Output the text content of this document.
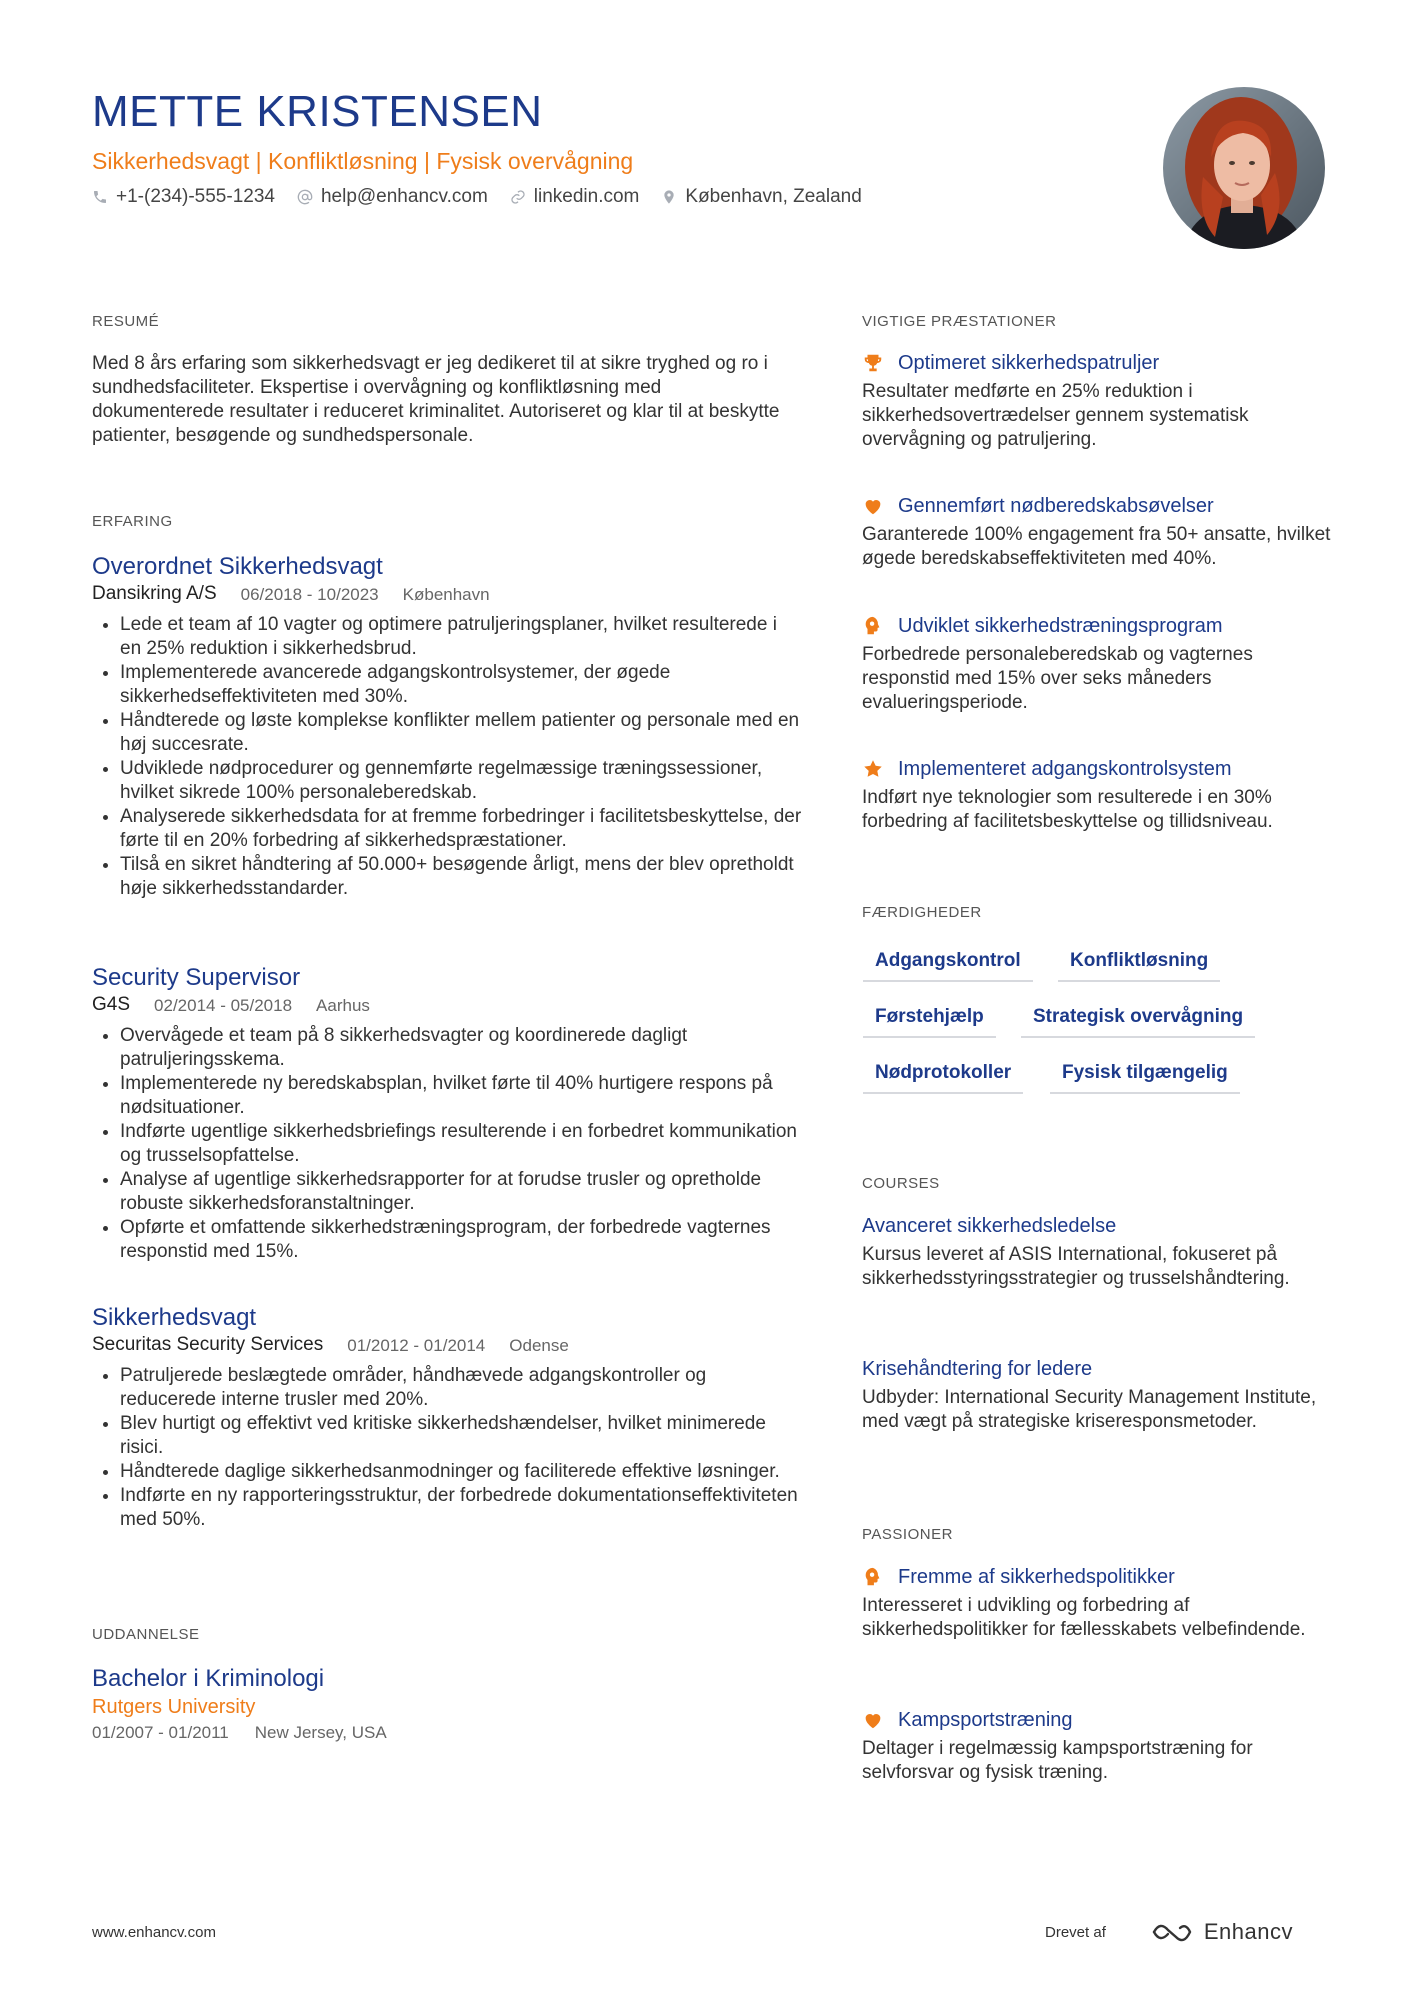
METTE KRISTENSEN
Sikkerhedsvagt | Konfliktløsning | Fysisk overvågning
+1-(234)-555-1234 help@enhancv.com linkedin.com København, Zealand
RESUMÉ
Med 8 års erfaring som sikkerhedsvagt er jeg dedikeret til at sikre tryghed og ro i sundhedsfaciliteter. Ekspertise i overvågning og konfliktløsning med dokumenterede resultater i reduceret kriminalitet. Autoriseret og klar til at beskytte patienter, besøgende og sundhedspersonale.
ERFARING
Overordnet Sikkerhedsvagt
Dansikring A/S 06/2018 - 10/2023 København
• Lede et team af 10 vagter og optimere patruljeringsplaner, hvilket resulterede i en 25% reduktion i sikkerhedsbrud.
• Implementerede avancerede adgangskontrolsystemer, der øgede sikkerhedseffektiviteten med 30%.
• Håndterede og løste komplekse konflikter mellem patienter og personale med en høj succesrate.
• Udviklede nødprocedurer og gennemførte regelmæssige træningssessioner, hvilket sikrede 100% personaleberedskab.
• Analyserede sikkerhedsdata for at fremme forbedringer i facilitetsbeskyttelse, der førte til en 20% forbedring af sikkerhedspræstationer.
• Tilså en sikret håndtering af 50.000+ besøgende årligt, mens der blev opretholdt høje sikkerhedsstandarder.
Security Supervisor
G4S 02/2014 - 05/2018 Aarhus
• Overvågede et team på 8 sikkerhedsvagter og koordinerede dagligt patruljeringsskema.
• Implementerede ny beredskabsplan, hvilket førte til 40% hurtigere respons på nødsituationer.
• Indførte ugentlige sikkerhedsbriefings resulterende i en forbedret kommunikation og trusselsopfattelse.
• Analyse af ugentlige sikkerhedsrapporter for at forudse trusler og opretholde robuste sikkerhedsforanstaltninger.
• Opførte et omfattende sikkerhedstræningsprogram, der forbedrede vagternes responstid med 15%.
Sikkerhedsvagt
Securitas Security Services 01/2012 - 01/2014 Odense
• Patruljerede beslægtede områder, håndhævede adgangskontroller og reducerede interne trusler med 20%.
• Blev hurtigt og effektivt ved kritiske sikkerhedshændelser, hvilket minimerede risici.
• Håndterede daglige sikkerhedsanmodninger og faciliterede effektive løsninger.
• Indførte en ny rapporteringsstruktur, der forbedrede dokumentationseffektiviteten med 50%.
UDDANNELSE
Bachelor i Kriminologi
Rutgers University
01/2007 - 01/2011 New Jersey, USA
VIGTIGE PRÆSTATIONER
Optimeret sikkerhedspatruljer
Resultater medførte en 25% reduktion i sikkerhedsovertrædelser gennem systematisk overvågning og patruljering.
Gennemført nødberedskabsøvelser
Garanterede 100% engagement fra 50+ ansatte, hvilket øgede beredskabseffektiviteten med 40%.
Udviklet sikkerhedstræningsprogram
Forbedrede personaleberedskab og vagternes responstid med 15% over seks måneders evalueringsperiode.
Implementeret adgangskontrolsystem
Indført nye teknologier som resulterede i en 30% forbedring af facilitetsbeskyttelse og tillidsniveau.
FÆRDIGHEDER
Adgangskontrol	Konfliktløsning
Førstehjælp	Strategisk overvågning
Nødprotokoller	Fysisk tilgængelig
COURSES
Avanceret sikkerhedsledelse
Kursus leveret af ASIS International, fokuseret på sikkerhedsstyringsstrategier og trusselshåndtering.
Krisehåndtering for ledere
Udbyder: International Security Management Institute, med vægt på strategiske kriseresponsmetoder.
PASSIONER
Fremme af sikkerhedspolitikker
Interesseret i udvikling og forbedring af sikkerhedspolitikker for fællesskabets velbefindende.
Kampsportstræning
Deltager i regelmæssig kampsportstræning for selvforsvar og fysisk træning.
www.enhancv.com	Drevet af	Enhancv
